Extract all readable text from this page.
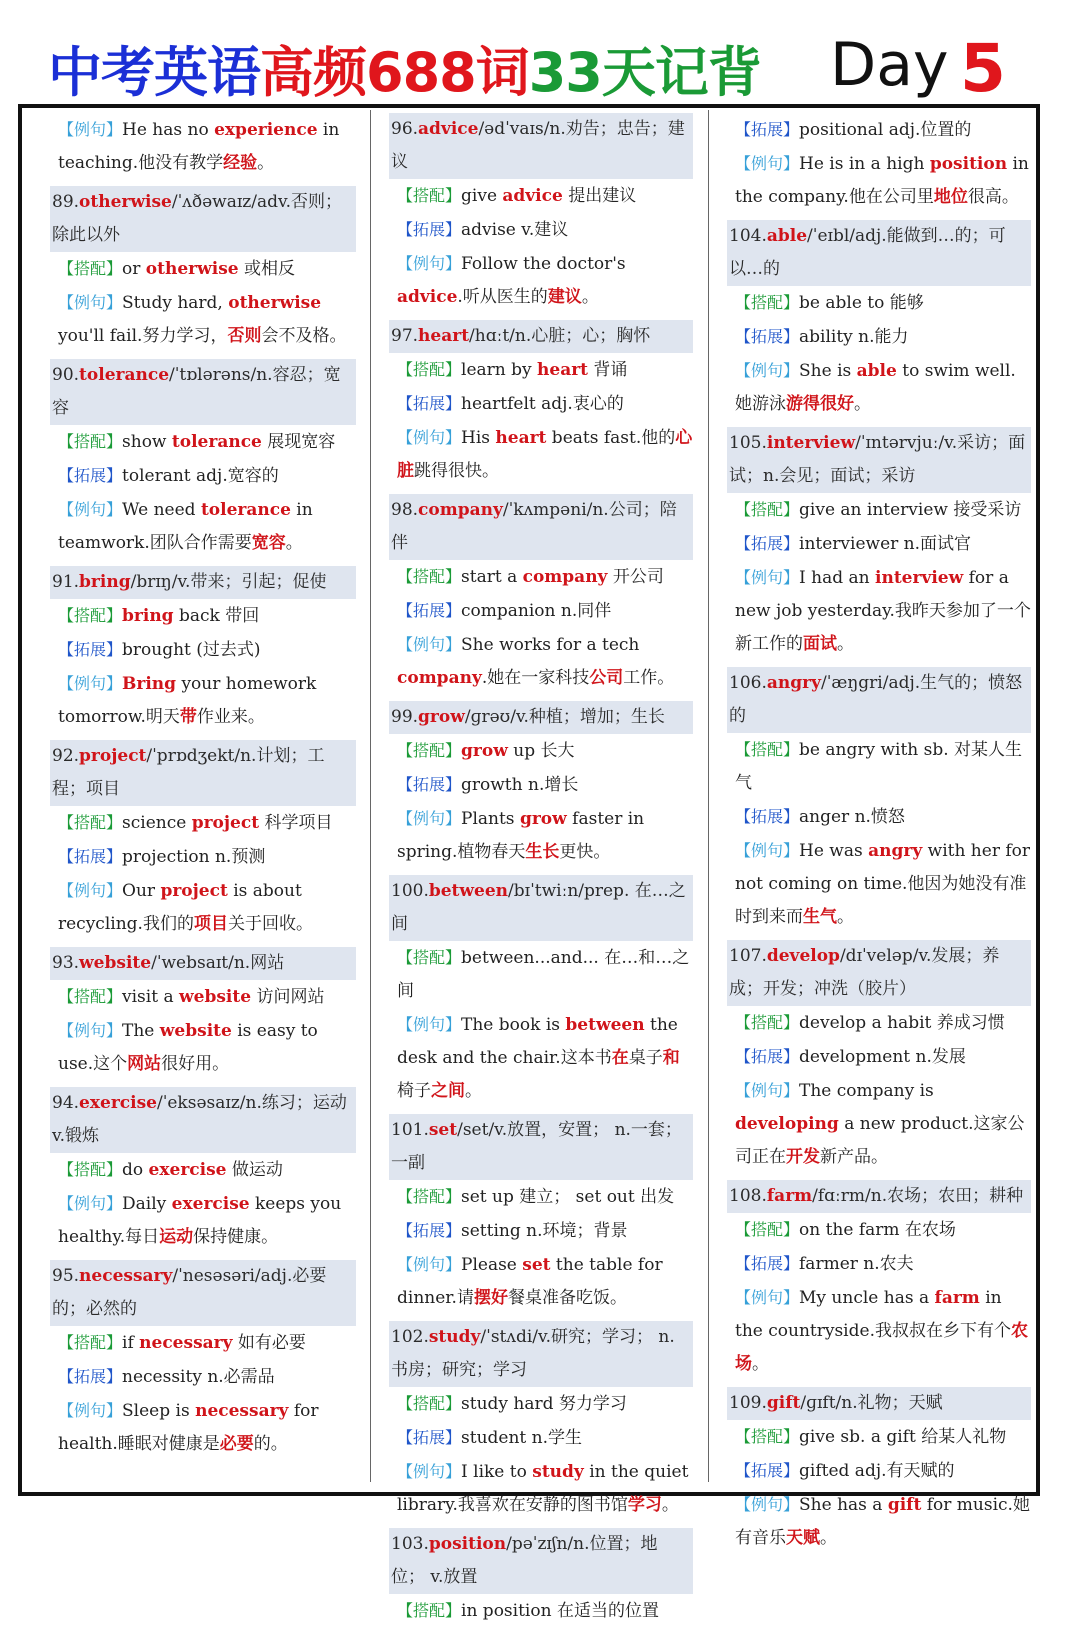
中考英语高频688词33天记背 Day 5
【例句】He has no experience in teaching.他没有教学经验。
89.otherwise/ˈʌðəwaɪz/adv.否则；除此以外
【搭配】or otherwise 或相反
【例句】Study hard, otherwise you'll fail.努力学习，否则会不及格。
90.tolerance/ˈtɒlərəns/n.容忍；宽容
【搭配】show tolerance 展现宽容
【拓展】tolerant adj.宽容的
【例句】We need tolerance in teamwork.团队合作需要宽容。
91.bring/brɪŋ/v.带来；引起；促使
【搭配】bring back 带回
【拓展】brought (过去式)
【例句】Bring your homework tomorrow.明天带作业来。
92.project/ˈprɒdʒekt/n.计划；工程；项目
【搭配】science project 科学项目
【拓展】projection n.预测
【例句】Our project is about recycling.我们的项目关于回收。
93.website/ˈwebsaɪt/n.网站
【搭配】visit a website 访问网站
【例句】The website is easy to use.这个网站很好用。
94.exercise/ˈeksəsaɪz/n.练习；运动 v.锻炼
【搭配】do exercise 做运动
【例句】Daily exercise keeps you healthy.每日运动保持健康。
95.necessary/ˈnesəsəri/adj.必要的；必然的
【搭配】if necessary 如有必要
【拓展】necessity n.必需品
【例句】Sleep is necessary for health.睡眠对健康是必要的。
96.advice/ədˈvaɪs/n.劝告；忠告；建议
【搭配】give advice 提出建议
【拓展】advise v.建议
【例句】Follow the doctor's advice.听从医生的建议。
97.heart/hɑːt/n.心脏；心；胸怀
【搭配】learn by heart 背诵
【拓展】heartfelt adj.衷心的
【例句】His heart beats fast.他的心脏跳得很快。
98.company/ˈkʌmpəni/n.公司；陪伴
【搭配】start a company 开公司
【拓展】companion n.同伴
【例句】She works for a tech company.她在一家科技公司工作。
99.grow/ɡrəʊ/v.种植；增加；生长
【搭配】grow up 长大
【拓展】growth n.增长
【例句】Plants grow faster in spring.植物春天生长更快。
100.between/bɪˈtwiːn/prep. 在…之间
【搭配】between...and... 在…和…之间
【例句】The book is between the desk and the chair.这本书在桌子和椅子之间。
101.set/set/v.放置，安置； n.一套；一副
【搭配】set up 建立； set out 出发
【拓展】setting n.环境；背景
【例句】Please set the table for dinner.请摆好餐桌准备吃饭。
102.study/ˈstʌdi/v.研究；学习； n.书房；研究；学习
【搭配】study hard 努力学习
【拓展】student n.学生
【例句】I like to study in the quiet library.我喜欢在安静的图书馆学习。
103.position/pəˈzɪʃn/n.位置；地位； v.放置
【搭配】in position 在适当的位置
【拓展】positional adj.位置的
【例句】He is in a high position in the company.他在公司里地位很高。
104.able/ˈeɪbl/adj.能做到…的；可以…的
【搭配】be able to 能够
【拓展】ability n.能力
【例句】She is able to swim well.她游泳游得很好。
105.interview/ˈɪntərvjuː/v.采访；面试；n.会见；面试；采访
【搭配】give an interview 接受采访
【拓展】interviewer n.面试官
【例句】I had an interview for a new job yesterday.我昨天参加了一个新工作的面试。
106.angry/ˈæŋgri/adj.生气的；愤怒的
【搭配】be angry with sb. 对某人生气
【拓展】anger n.愤怒
【例句】He was angry with her for not coming on time.他因为她没有准时到来而生气。
107.develop/dɪˈveləp/v.发展；养成；开发；冲洗（胶片）
【搭配】develop a habit 养成习惯
【拓展】development n.发展
【例句】The company is developing a new product.这家公司正在开发新产品。
108.farm/fɑːrm/n.农场；农田；耕种
【搭配】on the farm 在农场
【拓展】farmer n.农夫
【例句】My uncle has a farm in the countryside.我叔叔在乡下有个农场。
109.gift/ɡɪft/n.礼物；天赋
【搭配】give sb. a gift 给某人礼物
【拓展】gifted adj.有天赋的
【例句】She has a gift for music.她有音乐天赋。
